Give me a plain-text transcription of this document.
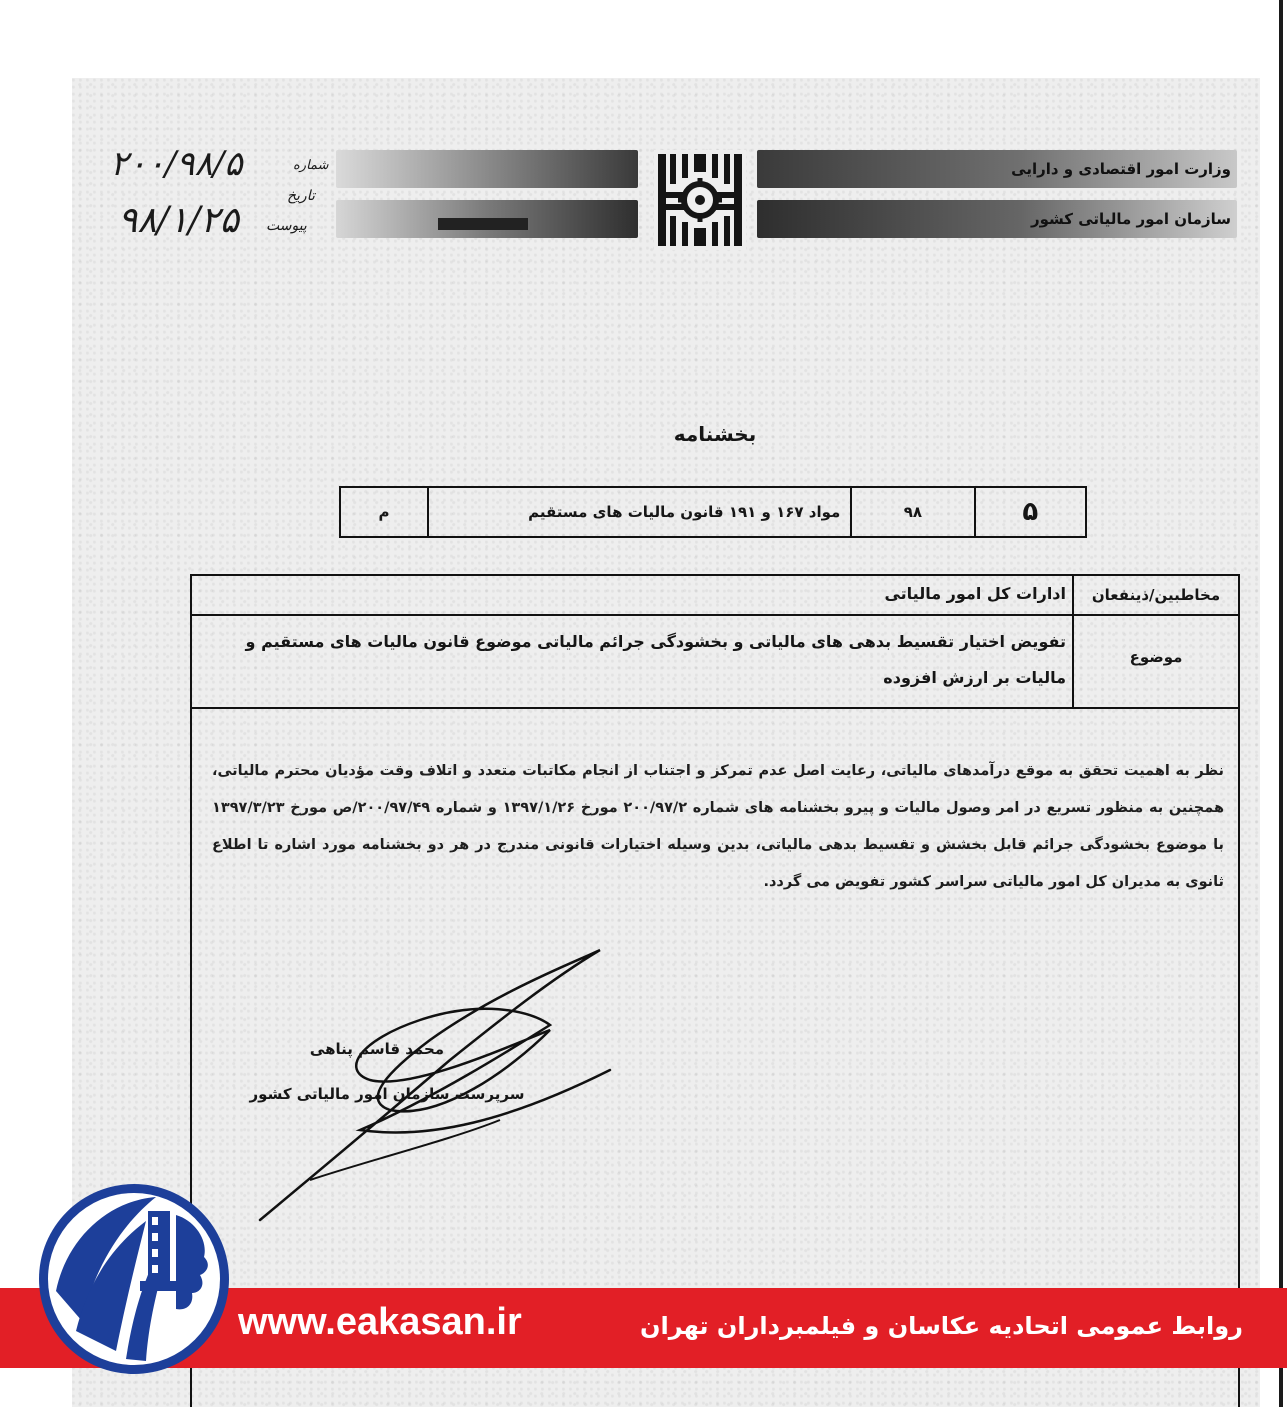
وزارت امور اقتصادی و دارایی
سازمان امور مالیاتی کشور
شماره
۲۰۰/۹۸/۵
تاریخ
۹۸/۱/۲۵ پیوست
بخشنامه
م	مواد ۱۶۷ و ۱۹۱ قانون مالیات های مستقیم	۹۸	۵
مخاطبین/ذینفعان
ادارات کل امور مالیاتی
موضوع
تفویض اختیار تقسیط بدهی های مالیاتی و بخشودگی جرائم مالیاتی موضوع قانون مالیات های مستقیم و مالیات بر ارزش افزوده
نظر به اهمیت تحقق به موقع درآمدهای مالیاتی، رعایت اصل عدم تمرکز و اجتناب از انجام مکاتبات متعدد و اتلاف وقت مؤدیان محترم مالیاتی، همچنین به منظور تسریع در امر وصول مالیات و پیرو بخشنامه های شماره ۲۰۰/۹۷/۲ مورخ ۱۳۹۷/۱/۲۶ و شماره ۲۰۰/۹۷/۴۹/ص مورخ ۱۳۹۷/۳/۲۳ با موضوع بخشودگی جرائم قابل بخشش و تقسیط بدهی مالیاتی، بدین وسیله اختیارات قانونی مندرج در هر دو بخشنامه مورد اشاره تا اطلاع ثانوی به مدیران کل امور مالیاتی سراسر کشور تفویض می گردد.
محمد قاسم پناهی
سرپرست سازمان امور مالیاتی کشور
www.eakasan.ir	روابط عمومی اتحادیه عکاسان و فیلمبرداران تهران
